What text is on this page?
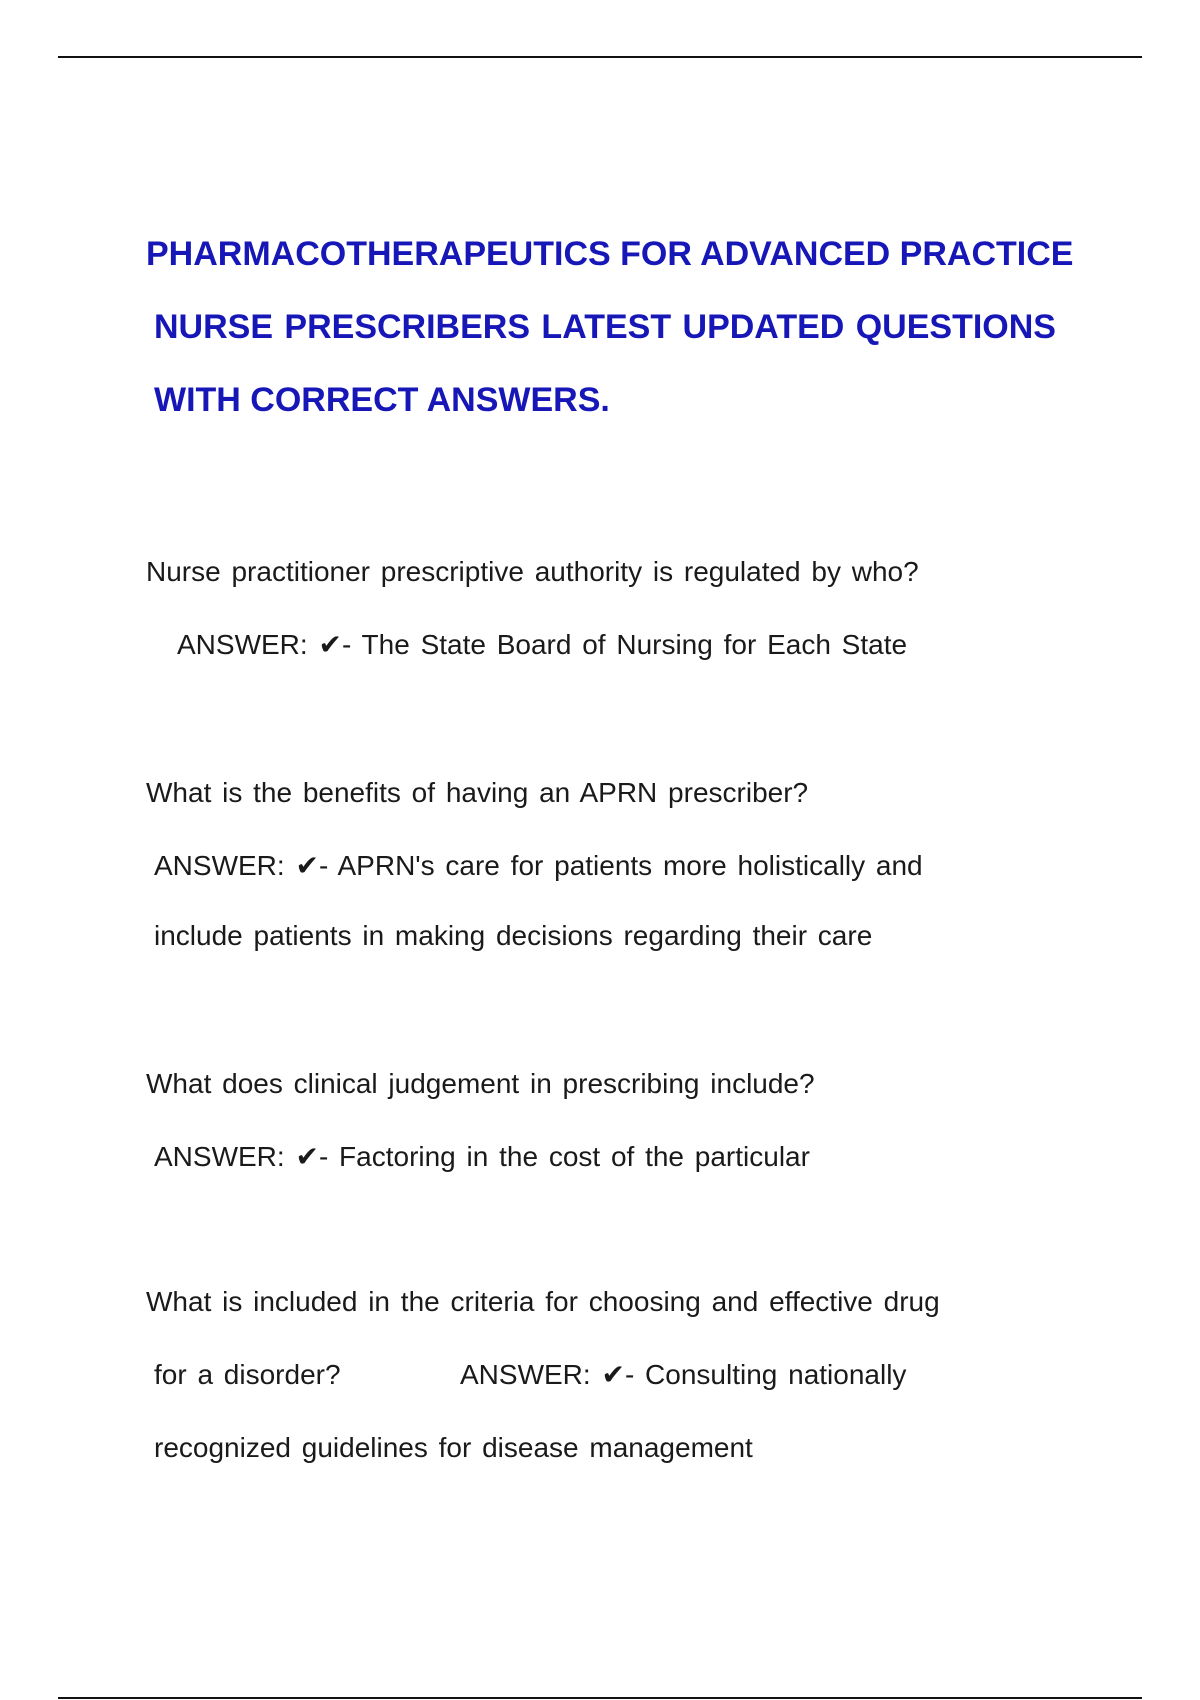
PHARMACOTHERAPEUTICS FOR ADVANCED PRACTICE
NURSE PRESCRIBERS LATEST UPDATED QUESTIONS
WITH CORRECT ANSWERS.
Nurse practitioner prescriptive authority is regulated by who?
ANSWER: ✔- The State Board of Nursing for Each State
What is the benefits of having an APRN prescriber?
ANSWER: ✔- APRN's care for patients more holistically and
include patients in making decisions regarding their care
What does clinical judgement in prescribing include?
ANSWER: ✔- Factoring in the cost of the particular
What is included in the criteria for choosing and effective drug
for a disorder?	ANSWER: ✔- Consulting nationally
recognized guidelines for disease management
